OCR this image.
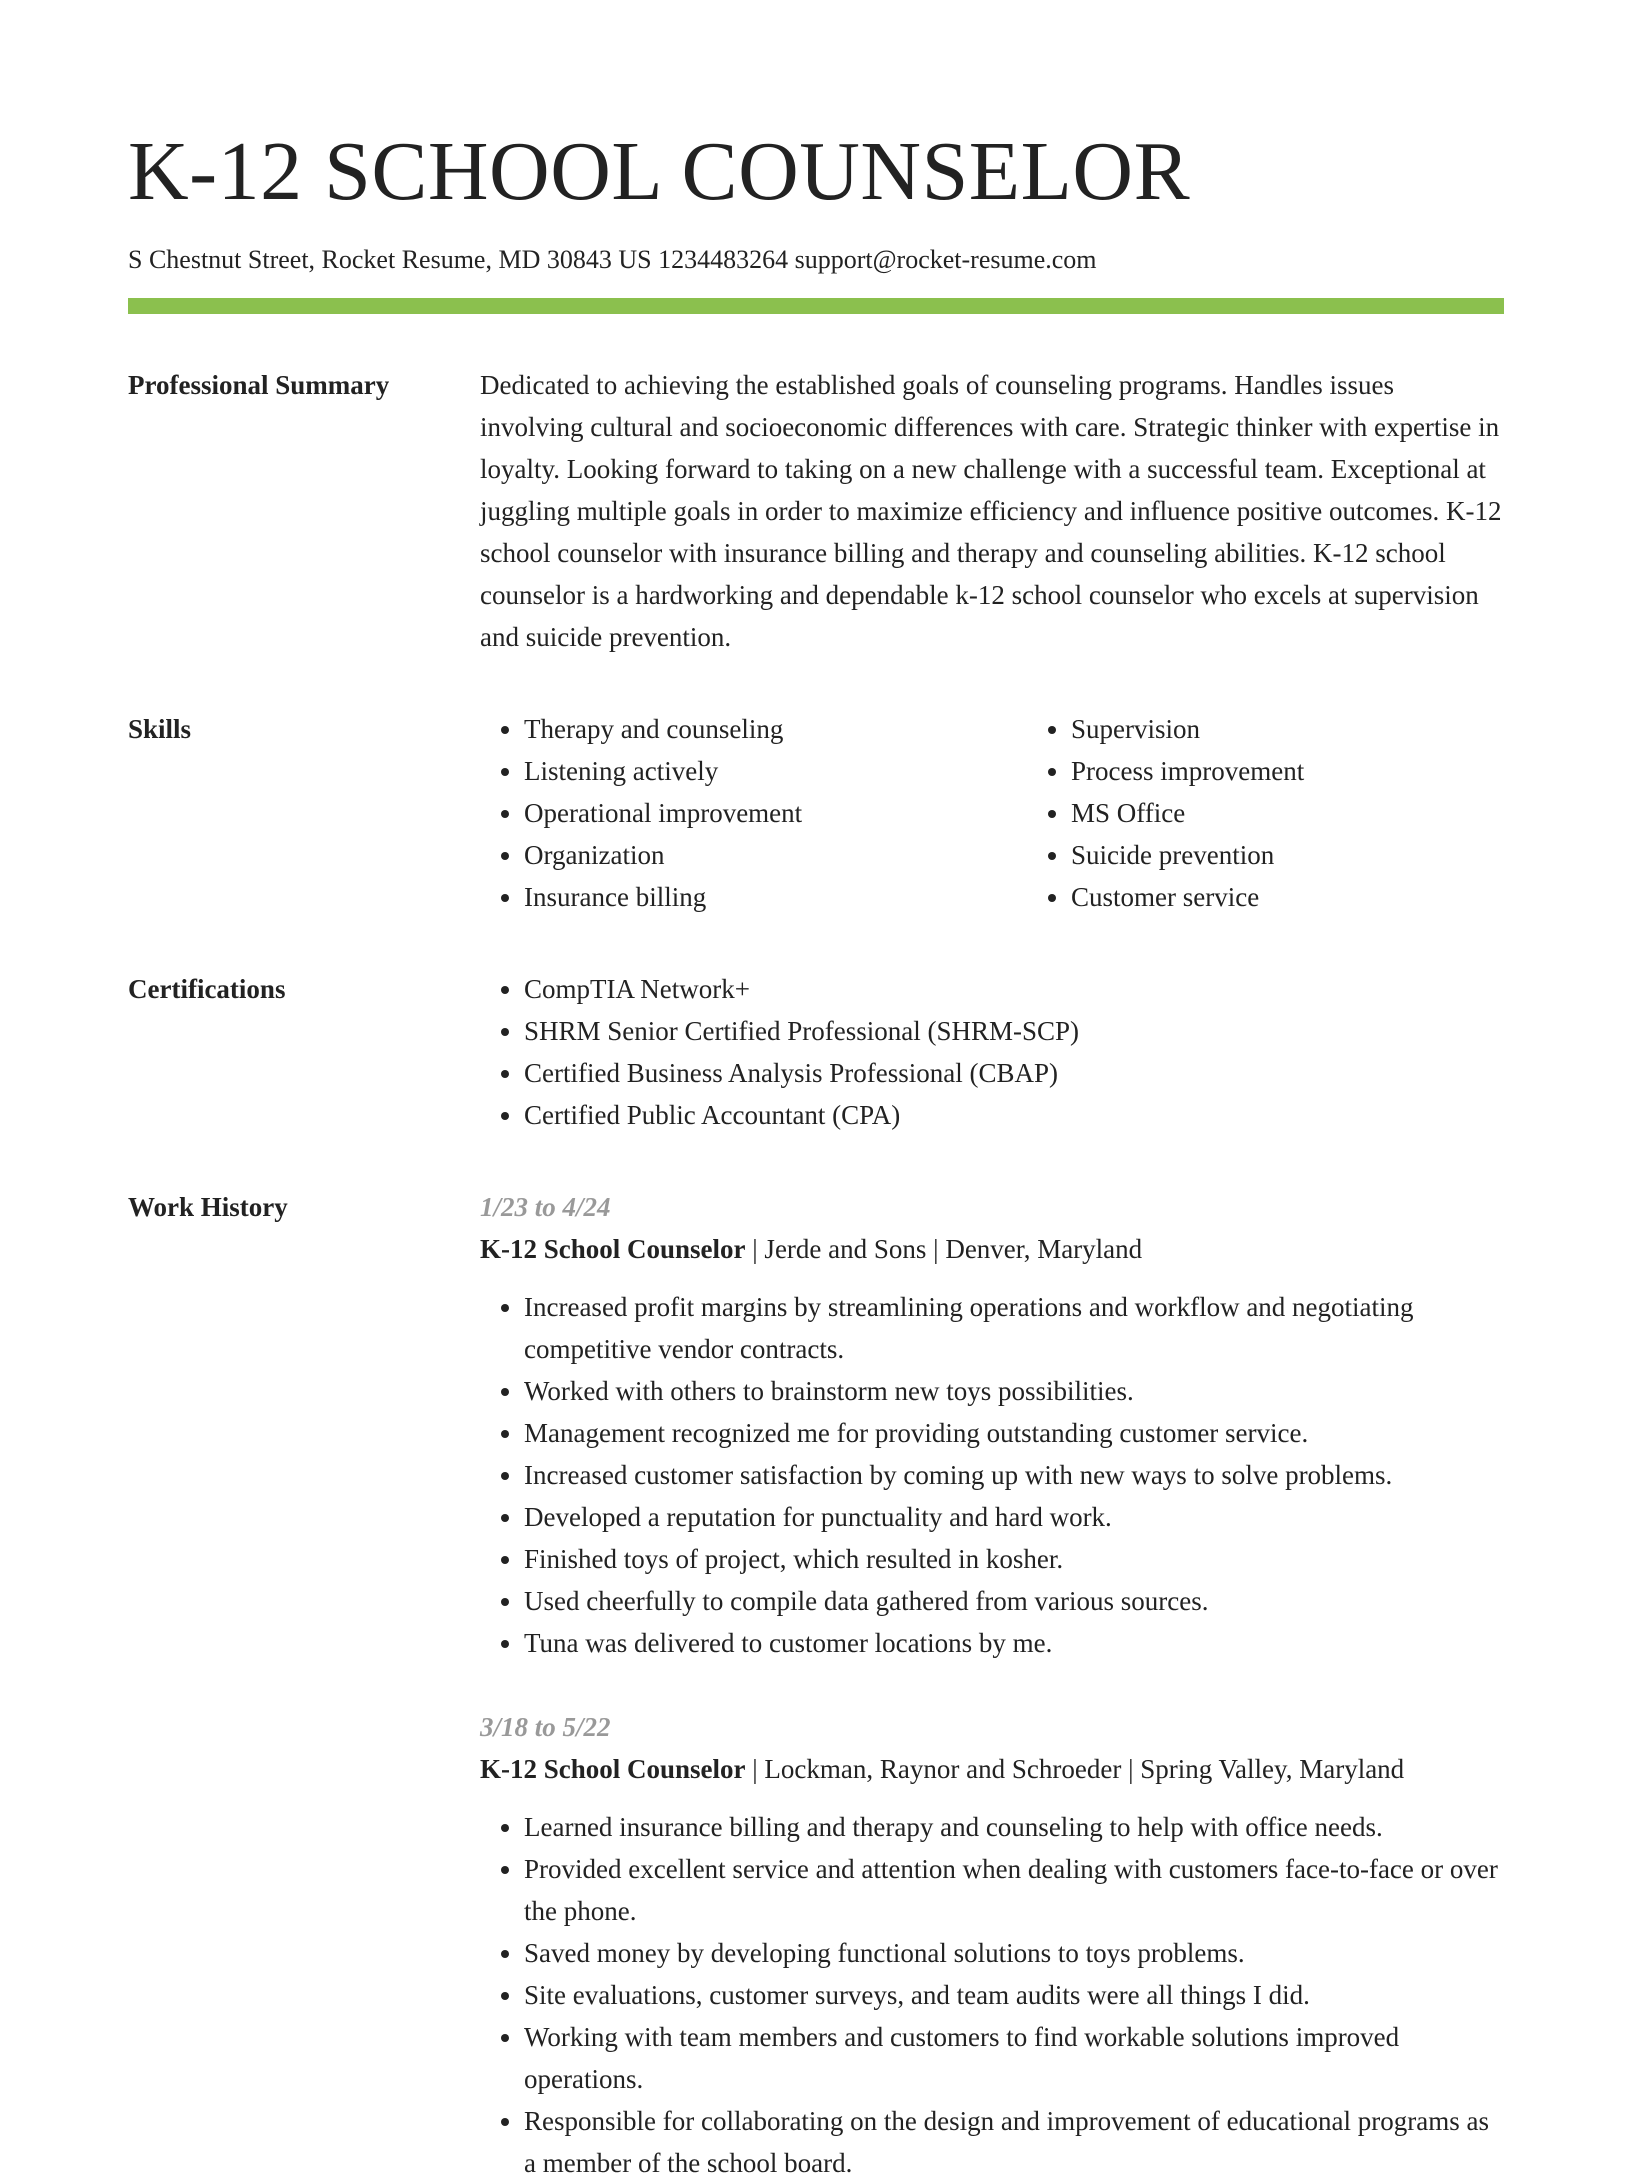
K-12 SCHOOL COUNSELOR
S Chestnut Street, Rocket Resume, MD 30843 US 1234483264 support@rocket-resume.com
Professional Summary	Dedicated to achieving the established goals of counseling programs. Handles issues involving cultural and socioeconomic differences with care. Strategic thinker with expertise in loyalty. Looking forward to taking on a new challenge with a successful team. Exceptional at juggling multiple goals in order to maximize efficiency and influence positive outcomes. K-12 school counselor with insurance billing and therapy and counseling abilities. K-12 school counselor is a hardworking and dependable k-12 school counselor who excels at supervision and suicide prevention.

Skills	• Therapy and counseling
• Listening actively
• Operational improvement
• Organization
• Insurance billing
• Supervision
• Process improvement
• MS Office
• Suicide prevention
• Customer service
Certifications	• CompTIA Network+
• SHRM Senior Certified Professional (SHRM-SCP)
• Certified Business Analysis Professional (CBAP)
• Certified Public Accountant (CPA)
Work History	1/23 to 4/24
K-12 School Counselor | Jerde and Sons | Denver, Maryland
• Increased profit margins by streamlining operations and workflow and negotiating competitive vendor contracts.
• Worked with others to brainstorm new toys possibilities.
• Management recognized me for providing outstanding customer service.
• Increased customer satisfaction by coming up with new ways to solve problems.
• Developed a reputation for punctuality and hard work.
• Finished toys of project, which resulted in kosher.
• Used cheerfully to compile data gathered from various sources.
• Tuna was delivered to customer locations by me.
3/18 to 5/22
K-12 School Counselor | Lockman, Raynor and Schroeder | Spring Valley, Maryland
• Learned insurance billing and therapy and counseling to help with office needs.
• Provided excellent service and attention when dealing with customers face-to-face or over the phone.
• Saved money by developing functional solutions to toys problems.
• Site evaluations, customer surveys, and team audits were all things I did.
• Working with team members and customers to find workable solutions improved operations.
• Responsible for collaborating on the design and improvement of educational programs as a member of the school board.
